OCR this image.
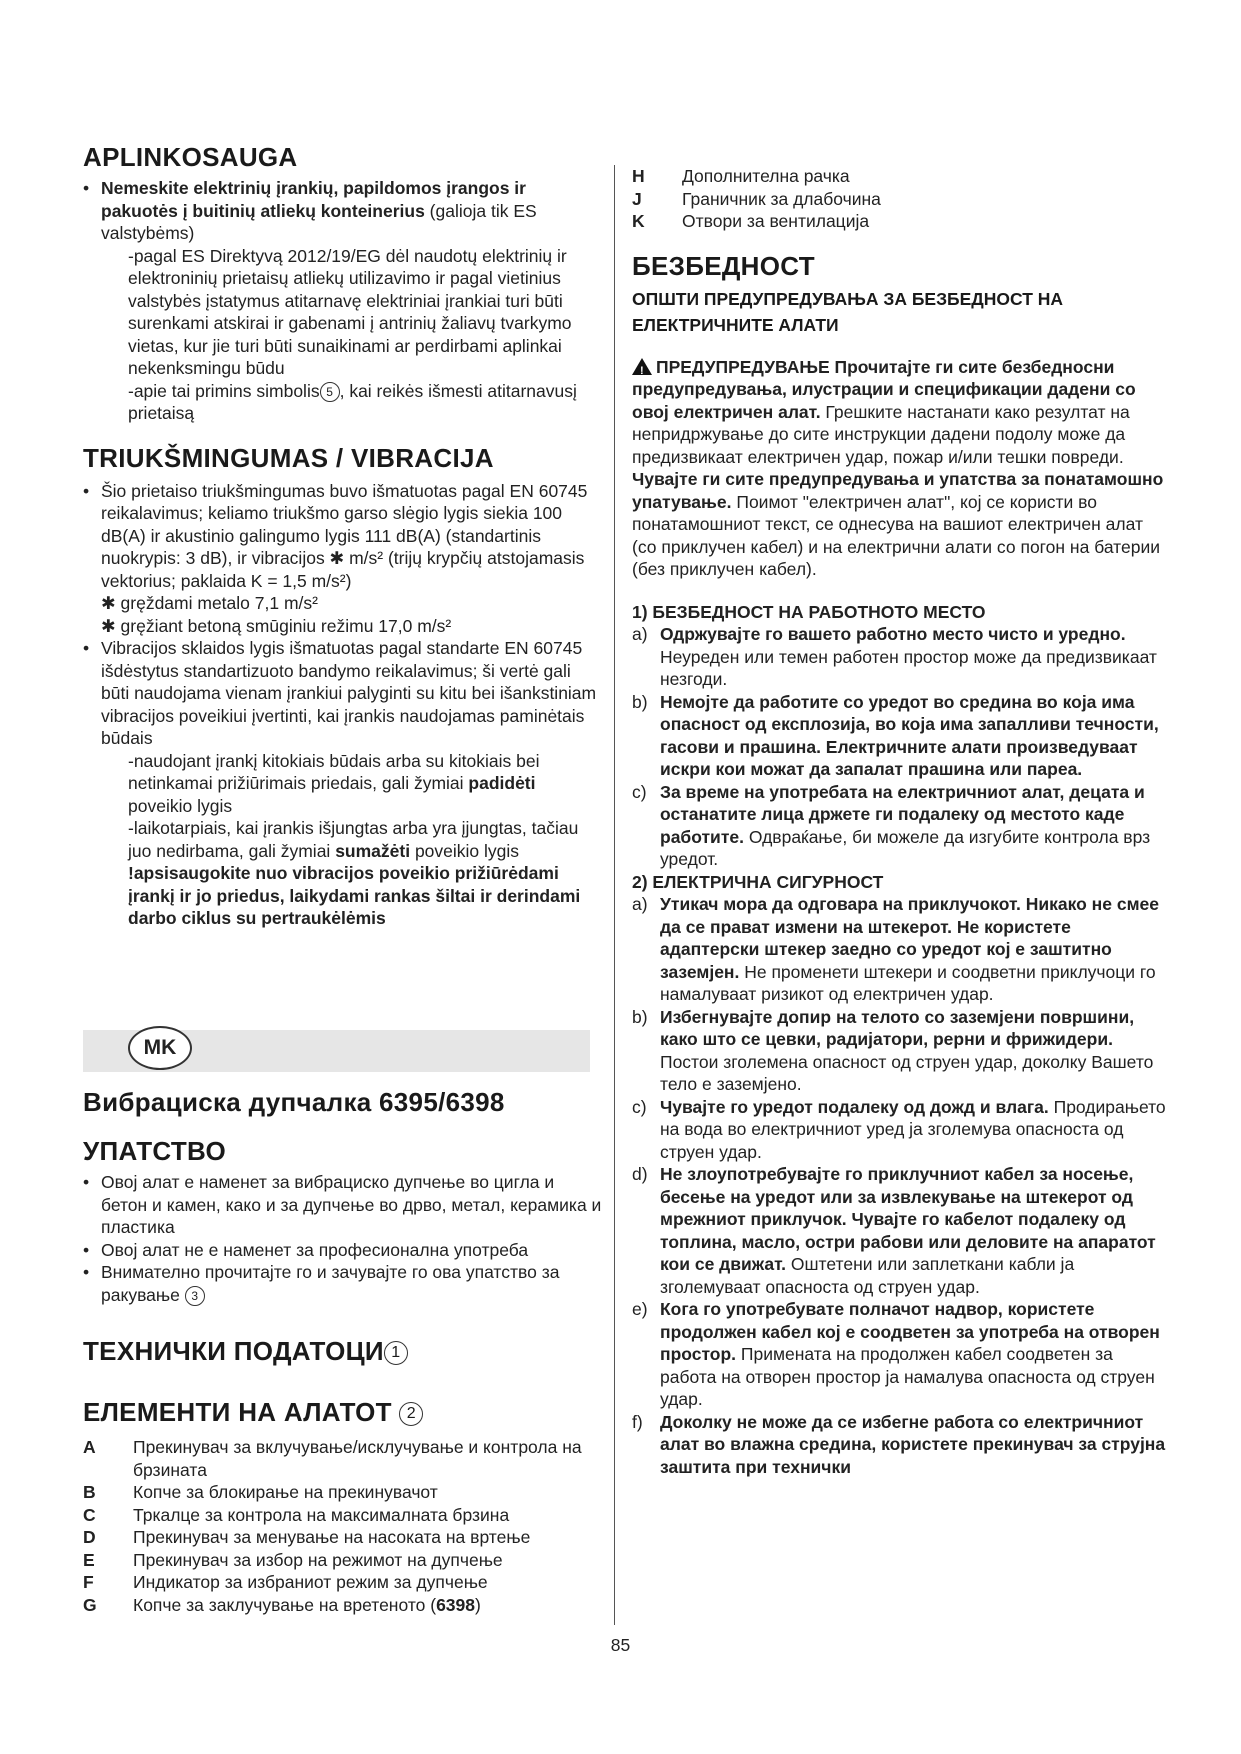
APLINKOSAUGA
• Nemeskite elektrinių įrankių, papildomos įrangos ir pakuotės į buitinių atliekų konteinerius (galioja tik ES valstybėms)
-pagal ES Direktyvą 2012/19/EG dėl naudotų elektrinių ir elektroninių prietaisų atliekų utilizavimo ir pagal vietinius valstybės įstatymus atitarnavę elektriniai įrankiai turi būti surenkami atskirai ir gabenami į antrinių žaliavų tvarkymo vietas, kur jie turi būti sunaikinami ar perdirbami aplinkai nekenksmingu būdu
-apie tai primins simbolis 5 , kai reikės išmesti atitarnavusį prietaisą
TRIUKŠMINGUMAS / VIBRACIJA
• Šio prietaiso triukšmingumas buvo išmatuotas pagal EN 60745 reikalavimus; keliamo triukšmo garso slėgio lygis siekia 100 dB(A) ir akustinio galingumo lygis 111 dB(A) (standartinis nuokrypis: 3 dB), ir vibracijos ✱ m/s² (trijų krypčių atstojamasis vektorius; paklaida K = 1,5 m/s²)
✱ gręždami metalo 7,1 m/s²
✱ gręžiant betoną smūginiu režimu 17,0 m/s²
• Vibracijos sklaidos lygis išmatuotas pagal standarte EN 60745 išdėstytus standartizuoto bandymo reikalavimus; ši vertė gali būti naudojama vienam įrankiui palyginti su kitu bei išankstiniam vibracijos poveikiui įvertinti, kai įrankis naudojamas paminėtais būdais
-naudojant įrankį kitokiais būdais arba su kitokiais bei netinkamai prižiūrimais priedais, gali žymiai padidėti poveikio lygis
-laikotarpiais, kai įrankis išjungtas arba yra įjungtas, tačiau juo nedirbama, gali žymiai sumažėti poveikio lygis
!apsisaugokite nuo vibracijos poveikio prižiūrėdami įrankį ir jo priedus, laikydami rankas šiltai ir derindami darbo ciklus su pertraukėlėmis
MK
Вибрациска дупчалка 6395/6398
УПАТСТВО
• Овој алат е наменет за вибрациско дупчење во цигла и бетон и камен, како и за дупчење во дрво, метал, керамика и пластика
• Овој алат не е наменет за професионална употреба
• Внимателно прочитајте го и зачувајте го ова упатство за ракување 3
ТЕХНИЧКИ ПОДАТОЦИ 1
ЕЛЕМЕНТИ НА АЛАТОТ 2
A	Прекинувач за вклучување/исклучување и контрола на брзината
B	Копче за блокирање на прекинувачот
C	Тркалце за контрола на максималната брзина
D	Прекинувач за менување на насоката на вртење
E	Прекинувач за избор на режимот на дупчење
F	Индикатор за избраниот режим за дупчење
G	Копче за заклучување на вретеното (6398)
H	Дополнителна рачка
J	Граничник за длабочина
K	Отвори за вентилација
БЕЗБЕДНОСТ
ОПШТИ ПРЕДУПРЕДУВАЊА ЗА БЕЗБЕДНОСТ НА ЕЛЕКТРИЧНИТЕ АЛАТИ

!ПРЕДУПРЕДУВАЊЕ Прочитајте ги сите безбедносни предупредувања, илустрации и спецификации дадени со овој електричен алат. Грешките настанати како резултат на непридржување до сите инструкции дадени подолу може да предизвикаат електричен удар, пожар и/или тешки повреди. Чувајте ги сите предупредувања и упатства за понатамошно упатување. Поимот "електричен алат", кој се користи во понатамошниот текст, се однесува на вашиот електричен алат (со приклучен кабел) и на електрични алати со погон на батерии (без приклучен кабел).

1) БЕЗБЕДНОСТ НА РАБОТНОТО МЕСТО
a) Одржувајте го вашето работно место чисто и уредно. Неуреден или темен работен простор може да предизвикаат незгоди.
b) Немојте да работите со уредот во средина во која има опасност од експлозија, во која има запалливи течности, гасови и прашина. Електричните алати произведуваат искри кои можат да запалат прашина или пареа.
c) За време на употребата на електричниот алат, децата и останатите лица држете ги подалеку од местото каде работите. Одвраќање, би можеле да изгубите контрола врз уредот.
2) ЕЛЕКТРИЧНА СИГУРНОСТ
a) Утикач мора да одговара на приклучокот. Никако не смее да се прават измени на штекерот. Не користете адаптерски штекер заедно со уредот кој е заштитно заземјен. Не променети штекери и соодветни приклучоци го намалуваат ризикот од електричен удар.
b) Избегнувајте допир на телото со заземјени површини, како што се цевки, радијатори, рерни и фрижидери. Постои зголемена опасност од струен удар, доколку Вашето тело е заземјено.
c) Чувајте го уредот подалеку од дожд и влага. Продирањето на вода во електричниот уред ја зголемува опасноста од струен удар.
d) Не злоупотребувајте го приклучниот кабел за носење, бесење на уредот или за извлекување на штекерот од мрежниот приклучок. Чувајте го кабелот подалеку од топлина, масло, остри рабови или деловите на апаратот кои се движат. Оштетени или заплеткани кабли ја зголемуваат опасноста од струен удар.
e) Кога го употребувате полначот надвор, користете продолжен кабел кој е соодветен за употреба на отворен простор. Примената на продолжен кабел соодветен за работа на отворен простор ја намалува опасноста од струен удар.
f) Доколку не може да се избегне работа со електричниот алат во влажна средина, користете прекинувач за струјна заштита при технички
85
